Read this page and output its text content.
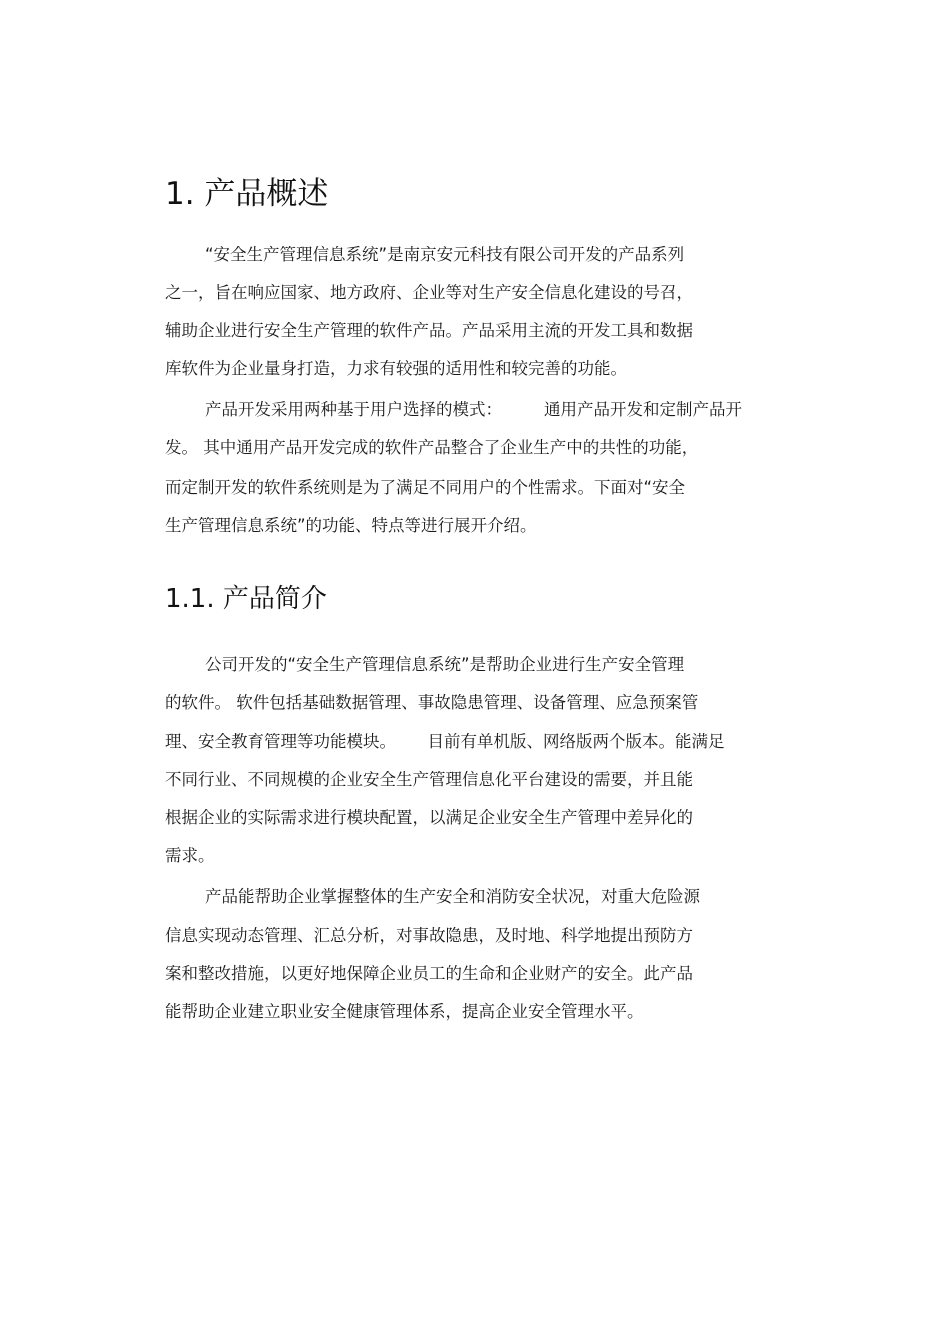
1. 产品概述

“安全生产管理信息系统”是南京安元科技有限公司开发的产品系列

之一，旨在响应国家、地方政府、企业等对生产安全信息化建设的号召，

辅助企业进行安全生产管理的软件产品。产品采用主流的开发工具和数据

库软件为企业量身打造，力求有较强的适用性和较完善的功能。

产品开发采用两种基于用户选择的模式：        通用产品开发和定制产品开

发。 其中通用产品开发完成的软件产品整合了企业生产中的共性的功能，

而定制开发的软件系统则是为了满足不同用户的个性需求。下面对“安全

生产管理信息系统”的功能、特点等进行展开介绍。

1.1. 产品简介

公司开发的“安全生产管理信息系统”是帮助企业进行生产安全管理

的软件。 软件包括基础数据管理、事故隐患管理、设备管理、应急预案管

理、安全教育管理等功能模块。      目前有单机版、网络版两个版本。能满足

不同行业、不同规模的企业安全生产管理信息化平台建设的需要，并且能

根据企业的实际需求进行模块配置，以满足企业安全生产管理中差异化的

需求。

产品能帮助企业掌握整体的生产安全和消防安全状况，对重大危险源

信息实现动态管理、汇总分析，对事故隐患，及时地、科学地提出预防方

案和整改措施，以更好地保障企业员工的生命和企业财产的安全。此产品

能帮助企业建立职业安全健康管理体系，提高企业安全管理水平。
